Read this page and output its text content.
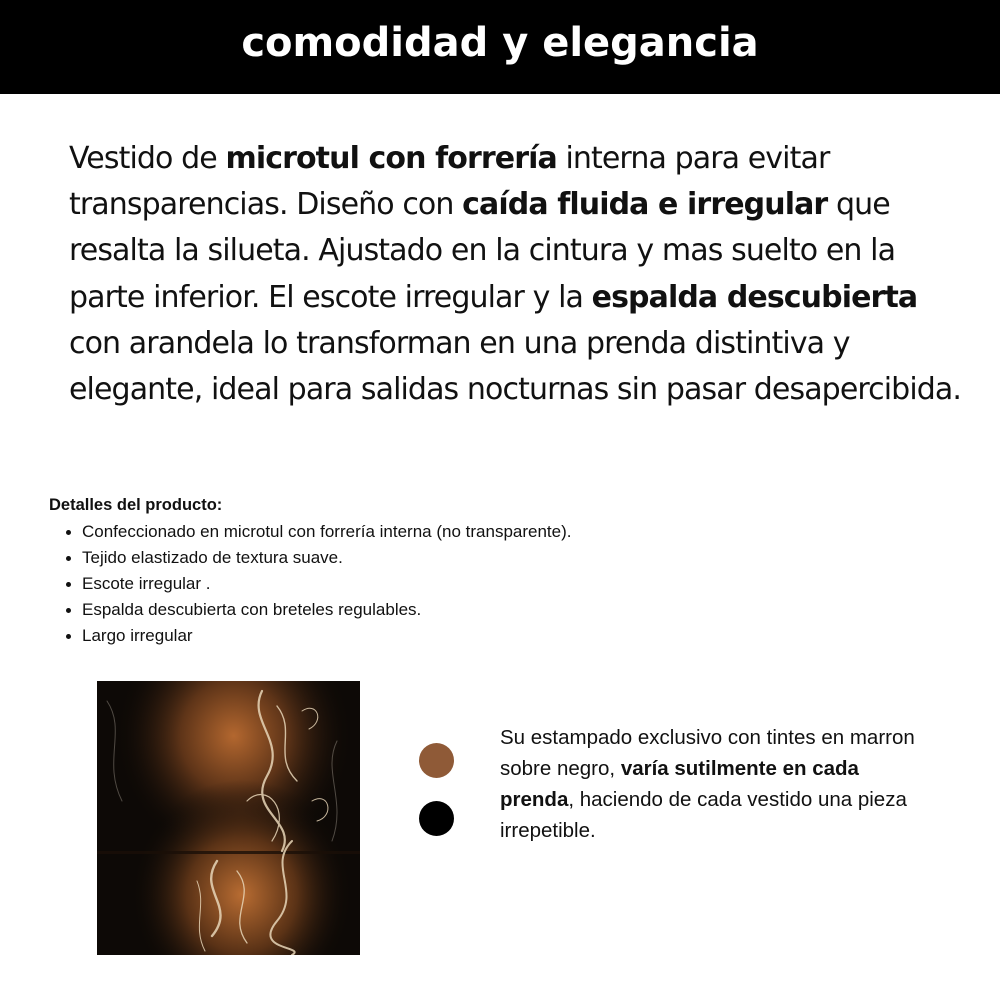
comodidad y elegancia
Vestido de microtul con forrería interna para evitar transparencias. Diseño con caída fluida e irregular que resalta la silueta. Ajustado en la cintura y mas suelto en la parte inferior. El escote irregular y la espalda descubierta con arandela lo transforman en una prenda distintiva y elegante, ideal para salidas nocturnas sin pasar desapercibida.

Detalles del producto:

Confeccionado en microtul con forrería interna (no transparente).
Tejido elastizado de textura suave.
Escote irregular .
Espalda descubierta con breteles regulables.
Largo irregular
Su estampado exclusivo con tintes en marron sobre negro, varía sutilmente en cada prenda, haciendo de cada vestido una pieza irrepetible.
